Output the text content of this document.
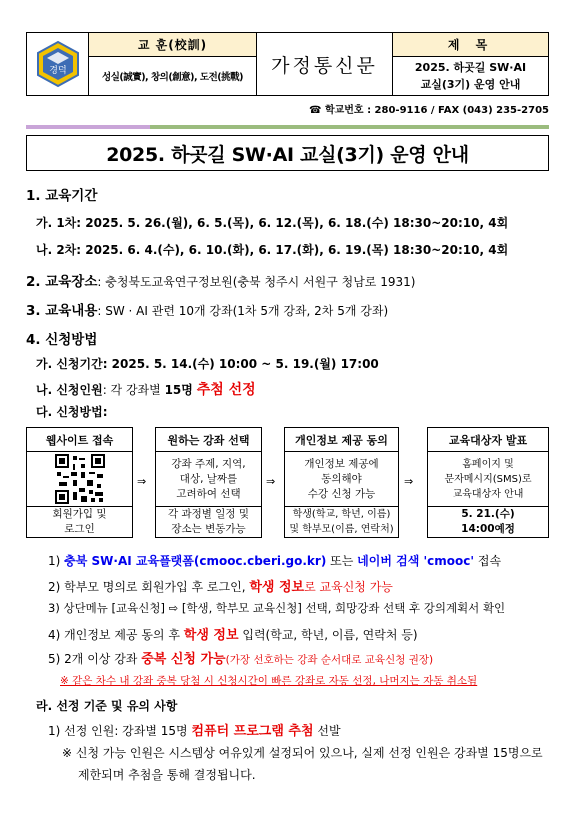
경덕
교 훈(校訓)
성실(誠實), 창의(創意), 도전(挑戰)
가정통신문
제 목
2025. 하곳길 SW·AI
교실(3기) 운영 안내
☎ 학교번호 : 280-9116 / FAX (043) 235-2705
2025. 하곳길 SW·AI 교실(3기) 운영 안내
1. 교육기간
가. 1차: 2025. 5. 26.(월), 6. 5.(목), 6. 12.(목), 6. 18.(수) 18:30~20:10, 4회
나. 2차: 2025. 6. 4.(수), 6. 10.(화), 6. 17.(화), 6. 19.(목) 18:30~20:10, 4회
2. 교육장소: 충청북도교육연구정보원(충북 청주시 서원구 청남로 1931)
3. 교육내용: SW · AI 관련 10개 강좌(1차 5개 강좌, 2차 5개 강좌)
4. 신청방법
가. 신청기간: 2025. 5. 14.(수) 10:00 ~ 5. 19.(월) 17:00
나. 신청인원: 각 강좌별 15명 추첨 선정
다. 신청방법:
웹사이트 접속
회원가입 및
로그인
⇒
원하는 강좌 선택
강좌 주제, 지역,
대상, 날짜를
고려하여 선택
각 과정별 일정 및
장소는 변동가능
⇒
개인정보 제공 동의
개인정보 제공에
동의해야
수강 신청 가능
학생(학교, 학년, 이름)
및 학부모(이름, 연락처)
⇒
교육대상자 발표
홈페이지 및
문자메시지(SMS)로
교육대상자 안내
5. 21.(수)
14:00예정
1) 충북 SW·AI 교육플랫폼(cmooc.cberi.go.kr) 또는 네이버 검색 'cmooc' 접속
2) 학부모 명의로 회원가입 후 로그인, 학생 정보로 교육신청 가능
3) 상단메뉴 [교육신청] ⇨ [학생, 학부모 교육신청] 선택, 희망강좌 선택 후 강의계획서 확인
4) 개인정보 제공 동의 후 학생 정보 입력(학교, 학년, 이름, 연락처 등)
5) 2개 이상 강좌 중복 신청 가능(가장 선호하는 강좌 순서대로 교육신청 권장)
※ 같은 차수 내 강좌 중복 당첨 시 신청시간이 빠른 강좌로 자동 선정, 나머지는 자동 취소됨
라. 선정 기준 및 유의 사항
1) 선정 인원: 강좌별 15명 컴퓨터 프로그램 추첨 선발
※ 신청 가능 인원은 시스템상 여유있게 설정되어 있으나, 실제 선정 인원은 강좌별 15명으로
제한되며 추첨을 통해 결정됩니다.
